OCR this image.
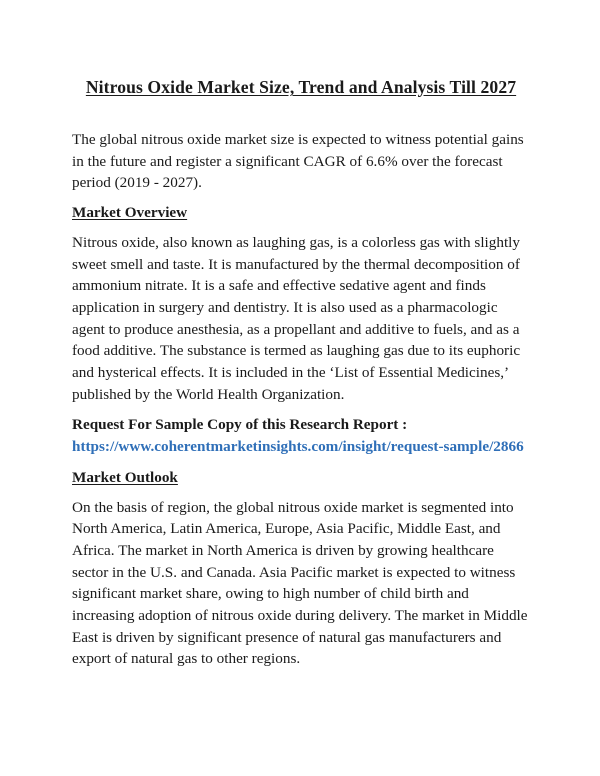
Nitrous Oxide Market Size, Trend and Analysis Till 2027

The global nitrous oxide market size is expected to witness potential gains in the future and register a significant CAGR of 6.6% over the forecast period (2019 - 2027).

Market Overview

Nitrous oxide, also known as laughing gas, is a colorless gas with slightly sweet smell and taste. It is manufactured by the thermal decomposition of ammonium nitrate. It is a safe and effective sedative agent and finds application in surgery and dentistry. It is also used as a pharmacologic agent to produce anesthesia, as a propellant and additive to fuels, and as a food additive. The substance is termed as laughing gas due to its euphoric and hysterical effects. It is included in the ‘List of Essential Medicines,’ published by the World Health Organization.

Request For Sample Copy of this Research Report :
https://www.coherentmarketinsights.com/insight/request-sample/2866
Market Outlook

On the basis of region, the global nitrous oxide market is segmented into North America, Latin America, Europe, Asia Pacific, Middle East, and Africa. The market in North America is driven by growing healthcare sector in the U.S. and Canada. Asia Pacific market is expected to witness significant market share, owing to high number of child birth and increasing adoption of nitrous oxide during delivery. The market in Middle East is driven by significant presence of natural gas manufacturers and export of natural gas to other regions.
